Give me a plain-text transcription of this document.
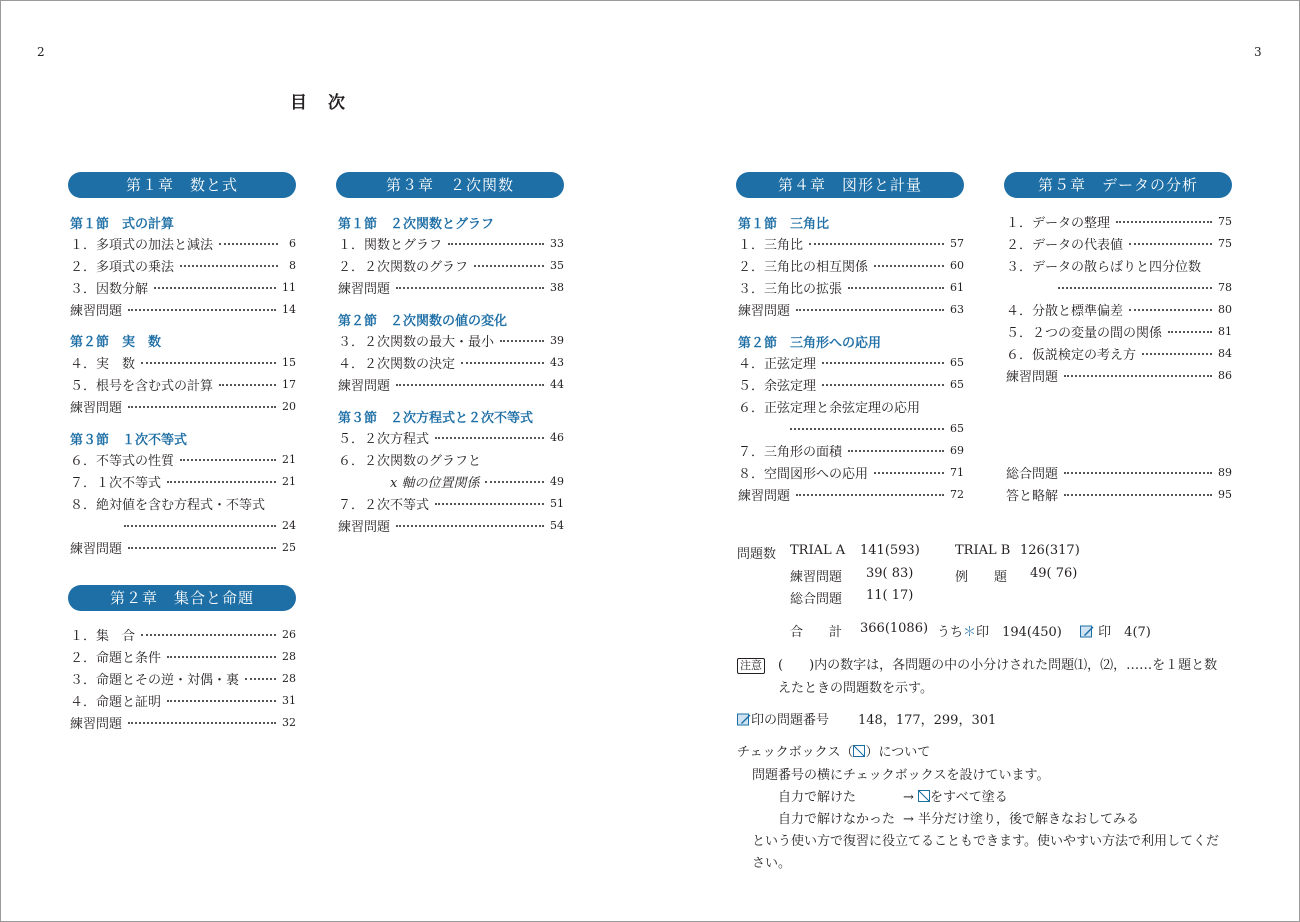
2	3
目　次
第１章　数と式
第１節　式の計算
１．多項式の加法と減法	6
２．多項式の乗法	8
３．因数分解	11
練習問題	14
第２節　実　数
４．実　数	15
５．根号を含む式の計算	17
練習問題	20
第３節　１次不等式
６．不等式の性質	21
７．１次不等式	21
８．絶対値を含む方程式・不等式
24
練習問題	25
第２章　集合と命題
１．集　合	26
２．命題と条件	28
３．命題とその逆・対偶・裏	28
４．命題と証明	31
練習問題	32
第３章　２次関数
第１節　２次関数とグラフ
１．関数とグラフ	33
２．２次関数のグラフ	35
練習問題	38
第２節　２次関数の値の変化
３．２次関数の最大・最小	39
４．２次関数の決定	43
練習問題	44
第３節　２次方程式と２次不等式
５．２次方程式	46
６．２次関数のグラフと
x 軸の位置関係	49
７．２次不等式	51
練習問題	54
第４章　図形と計量
第１節　三角比
１．三角比	57
２．三角比の相互関係	60
３．三角比の拡張	61
練習問題	63
第２節　三角形への応用
４．正弦定理	65
５．余弦定理	65
６．正弦定理と余弦定理の応用
65
７．三角形の面積	69
８．空間図形への応用	71
練習問題	72
第５章　データの分析
１．データの整理	75
２．データの代表値	75
３．データの散らばりと四分位数
78
４．分散と標準偏差	80
５．２つの変量の間の関係	81
６．仮説検定の考え方	84
練習問題	86
総合問題	89
答と略解	95
問題数 TRIAL A 141(593)	TRIAL B 126(317)
練習問題 39( 83)	例　　題 49( 76)
総合問題 11( 17)
合　　計 366(1086) うち＊印　 194(450)	印　 4(7)
注意　 (　　)内の数字は，各問題の中の小分けされた問題⑴，⑵，……を１題と数
えたときの問題数を示す。
印の問題番号 148，177，299，301
チェックボックス（ ）について
問題番号の横にチェックボックスを設けています。
自力で解けた	→ をすべて塗る
自力で解けなかった → 半分だけ塗り，後で解きなおしてみる
という使い方で復習に役立てることもできます。使いやすい方法で利用してくだ
さい。
